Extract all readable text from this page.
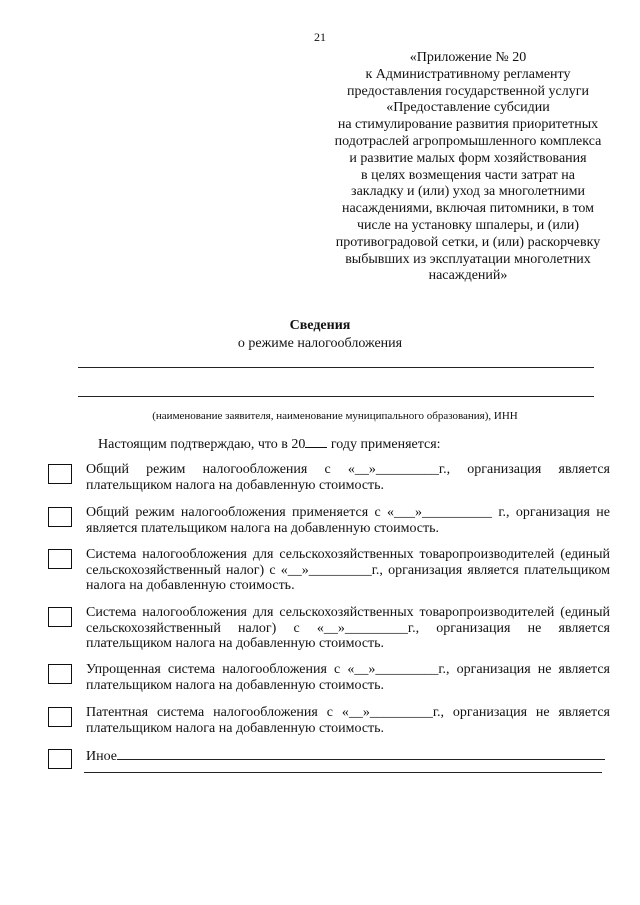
21
«Приложение № 20
к Административному регламенту
предоставления государственной услуги
«Предоставление субсидии
на стимулирование развития приоритетных
подотраслей агропромышленного комплекса
и развитие малых форм хозяйствования
в целях возмещения части затрат на
закладку и (или) уход за многолетними
насаждениями, включая питомники, в том
числе на установку шпалеры, и (или)
противоградовой сетки, и (или) раскорчевку
выбывших из эксплуатации многолетних
насаждений»
Сведения
о режиме налогообложения
(наименование заявителя, наименование муниципального образования), ИНН
Настоящим подтверждаю, что в 20 году применяется:
Общий режим налогообложения с «__»_________г., организация является плательщиком налога на добавленную стоимость.
Общий режим налогообложения применяется с «___»__________ г., организация не является плательщиком налога на добавленную стоимость.
Система налогообложения для сельскохозяйственных товаропроизводителей (единый сельскохозяйственный налог) с «__»_________г., организация является плательщиком налога на добавленную стоимость.
Система налогообложения для сельскохозяйственных товаропроизводителей (единый сельскохозяйственный налог) с «__»_________г., организация не является плательщиком налога на добавленную стоимость.
Упрощенная система налогообложения с «__»_________г., организация не является плательщиком налога на добавленную стоимость.
Патентная система налогообложения с «__»_________г., организация не является плательщиком налога на добавленную стоимость.
Иное
